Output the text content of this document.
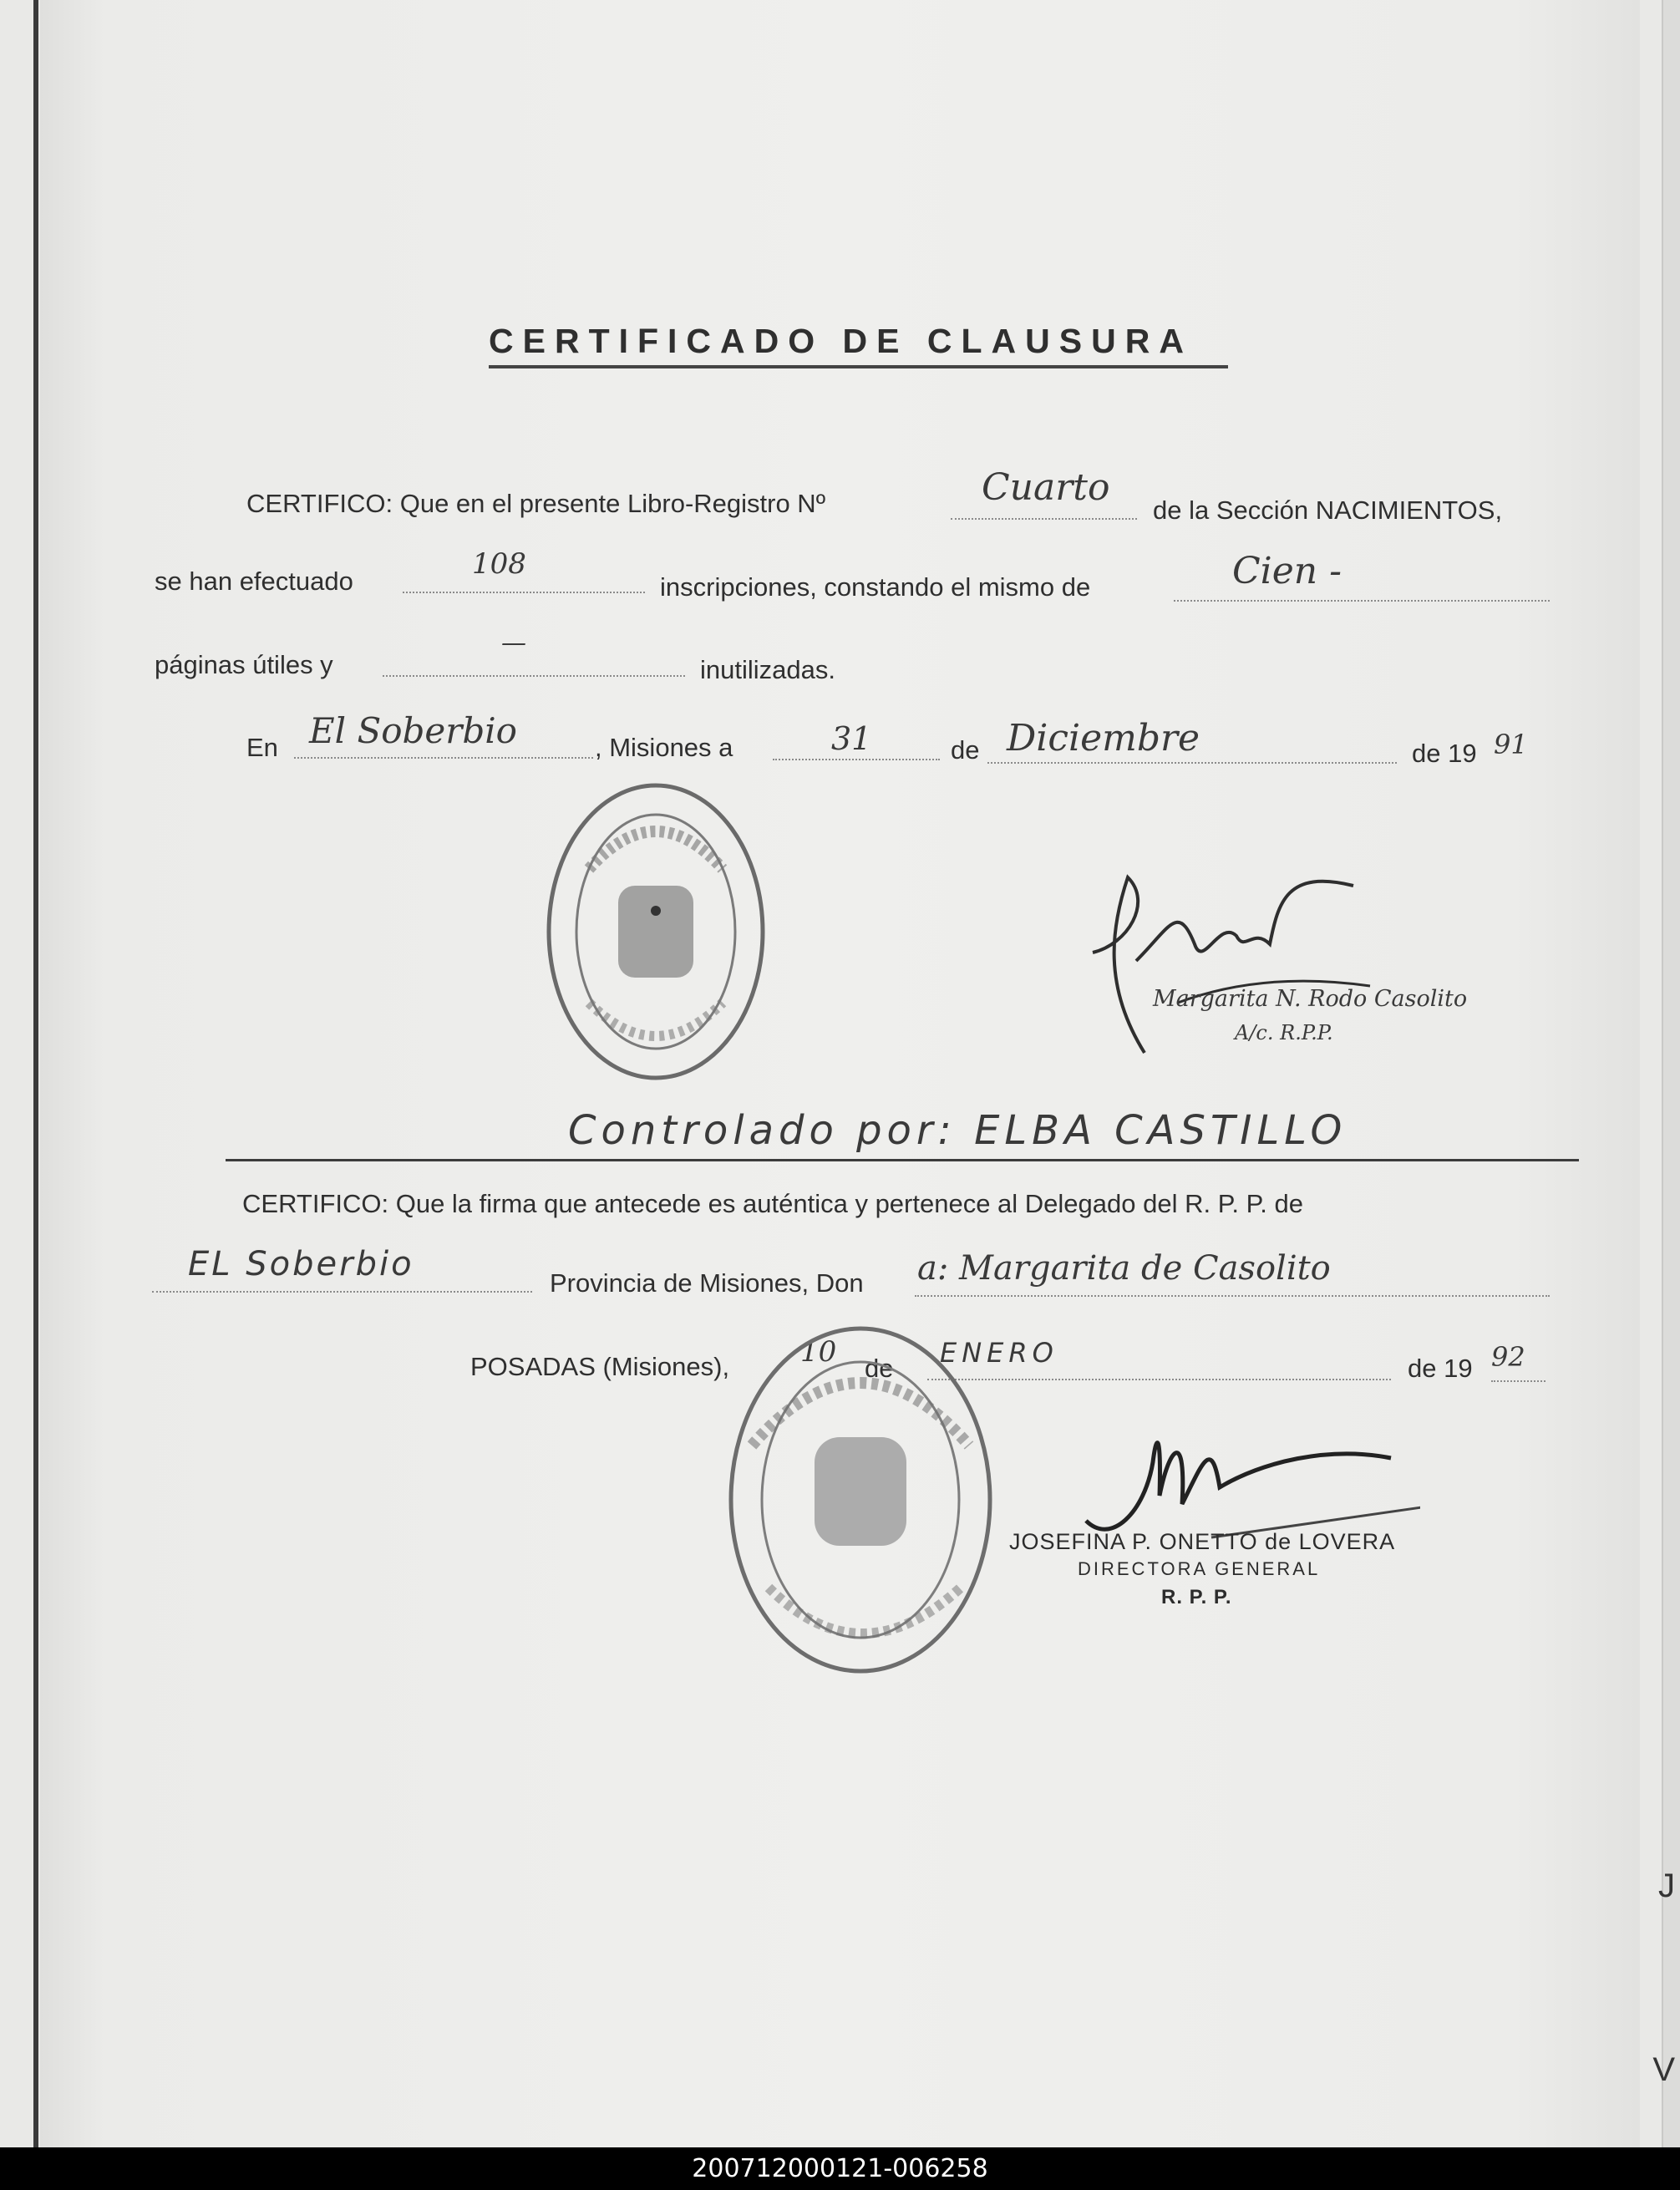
J
V
CERTIFICADO DE CLAUSURA
CERTIFICO: Que en el presente Libro-Registro Nº	Cuarto
de la Sección NACIMIENTOS,
se han efectuado
108
inscripciones, constando el mismo de	Cien -
páginas útiles y
—
inutilizadas.
En El Soberbio	, Misiones a	31	de Diciembre	de 19 91
Margarita N. Rodo Casolito
A/c. R.P.P.
Controlado por: ELBA CASTILLO
CERTIFICO: Que la firma que antecede es auténtica y pertenece al Delegado del R. P. P. de
EL Soberbio	Provincia de Misiones, Don a: Margarita de Casolito
POSADAS (Misiones), 10 de ENERO	de 19 92
JOSEFINA P. ONETTO de LOVERA
DIRECTORA GENERAL
R. P. P.
200712000121-006258
